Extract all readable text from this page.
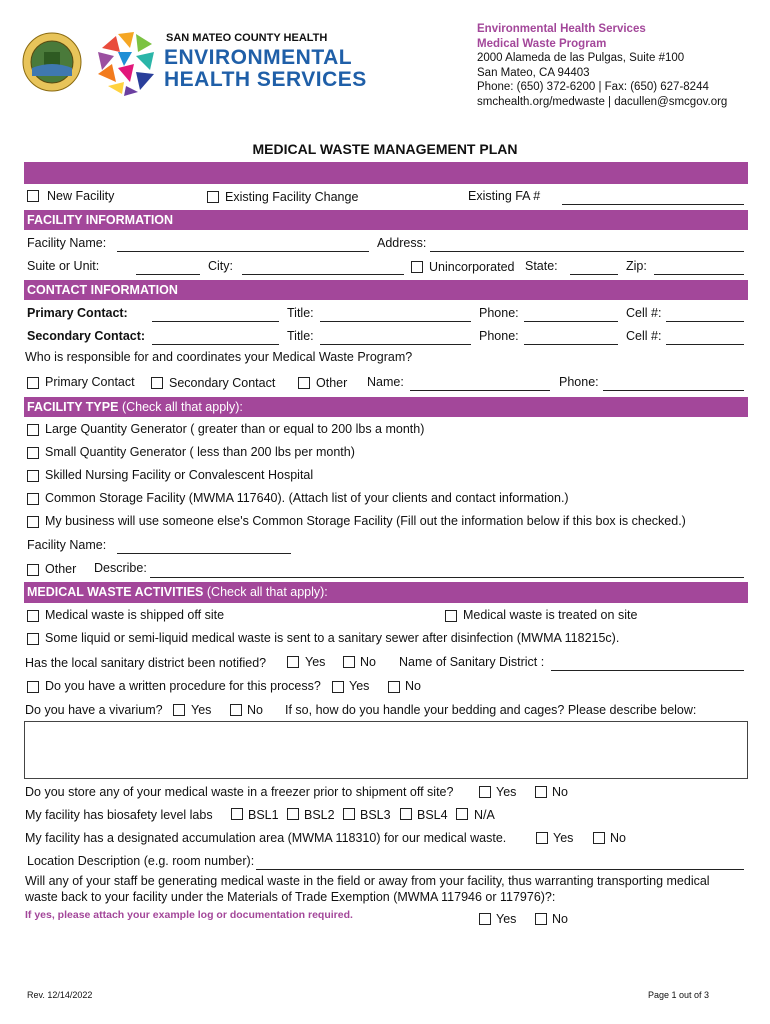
SAN MATEO COUNTY HEALTH
ENVIRONMENTAL
HEALTH SERVICES
Environmental Health Services
Medical Waste Program
2000 Alameda de las Pulgas, Suite #100
San Mateo, CA 94403
Phone: (650) 372-6200 | Fax: (650) 627-8244
smchealth.org/medwaste | dacullen@smcgov.org
MEDICAL WASTE MANAGEMENT PLAN
New Facility	Existing Facility Change	Existing FA #
FACILITY INFORMATION
Facility Name:	Address:
Suite or Unit:	City:	Unincorporated State:	Zip:
CONTACT INFORMATION
Primary Contact:	Title:	Phone:	Cell #:
Secondary Contact:	Title:	Phone:	Cell #:
Who is responsible for and coordinates your Medical Waste Program?
Primary Contact	Secondary Contact	Other Name:	Phone:
FACILITY TYPE (Check all that apply):
Large Quantity Generator ( greater than or equal to 200 lbs a month)
Small Quantity Generator ( less than 200 lbs per month)
Skilled Nursing Facility or Convalescent Hospital
Common Storage Facility (MWMA 117640). (Attach list of your clients and contact information.)
My business will use someone else's Common Storage Facility (Fill out the information below if this box is checked.)
Facility Name:
Other Describe:
MEDICAL WASTE ACTIVITIES (Check all that apply):
Medical waste is shipped off site	Medical waste is treated on site
Some liquid or semi-liquid medical waste is sent to a sanitary sewer after disinfection (MWMA 118215c).
Has the local sanitary district been notified?	Yes	No Name of Sanitary District :
Do you have a written procedure for this process? Yes	No
Do you have a vivarium? Yes	No If so, how do you handle your bedding and cages? Please describe below:
Do you store any of your medical waste in a freezer prior to shipment off site?	Yes	No
My facility has biosafety level labs	BSL1 BSL2 BSL3 BSL4 N/A
My facility has a designated accumulation area (MWMA 118310) for our medical waste.	Yes	No
Location Description (e.g. room number):
Will any of your staff be generating medical waste in the field or away from your facility, thus warranting transporting medical
waste back to your facility under the Materials of Trade Exemption (MWMA 117946 or 117976)?:
If yes, please attach your example log or documentation required.	Yes	No
Rev. 12/14/2022	Page 1 out of 3
